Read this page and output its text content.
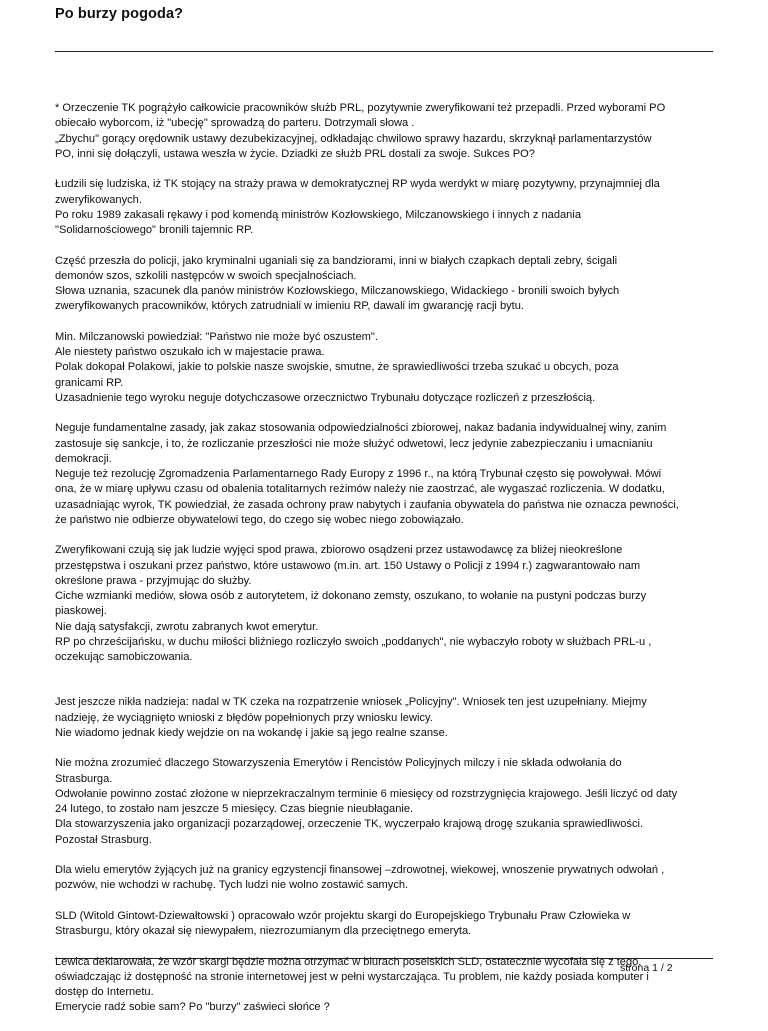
Po burzy pogoda?

* Orzeczenie TK pogrążyło całkowicie pracowników służb PRL, pozytywnie zweryfikowani też przepadli. Przed wyborami PO
obiecało wyborcom, iż "ubecję" sprowadzą do parteru. Dotrzymali słowa .
„Zbychu" gorący orędownik ustawy dezubekizacyjnej, odkładając chwilowo sprawy hazardu, skrzyknął parlamentarzystów
PO, inni się dołączyli, ustawa weszła w życie. Dziadki ze służb PRL dostali za swoje. Sukces PO?

Łudzili się ludziska, iż TK stojący na straży prawa w demokratycznej RP wyda werdykt w miarę pozytywny, przynajmniej dla
zweryfikowanych.
Po roku 1989 zakasali rękawy i pod komendą ministrów Kozłowskiego, Milczanowskiego i innych z nadania
"Solidarnościowego" bronili tajemnic RP.

Część przeszła do policji, jako kryminalni uganiali się za bandziorami, inni w białych czapkach deptali zebry, ścigali
demonów szos, szkolili następców w swoich specjalnościach.
Słowa uznania, szacunek dla panów ministrów Kozłowskiego, Milczanowskiego, Widackiego - bronili swoich byłych
zweryfikowanych pracowników, których zatrudniali w imieniu RP, dawali im gwarancję racji bytu.

Min. Milczanowski powiedział: "Państwo nie może być oszustem".
Ale niestety państwo oszukało ich w majestacie prawa.
Polak dokopał Polakowi, jakie to polskie nasze swojskie, smutne, że sprawiedliwości trzeba szukać u obcych, poza
granicami RP.
Uzasadnienie tego wyroku neguje dotychczasowe orzecznictwo Trybunału dotyczące rozliczeń z przeszłością.

Neguje fundamentalne zasady, jak zakaz stosowania odpowiedzialności zbiorowej, nakaz badania indywidualnej winy, zanim
zastosuje się sankcje, i to, że rozliczanie przeszłości nie może służyć odwetowi, lecz jedynie zabezpieczaniu i umacnianiu
demokracji.
Neguje też rezolucję Zgromadzenia Parlamentarnego Rady Europy z 1996 r., na którą Trybunał często się powoływał. Mówi
ona, że w miarę upływu czasu od obalenia totalitarnych reżimów należy nie zaostrzać, ale wygaszać rozliczenia. W dodatku,
uzasadniając wyrok, TK powiedział, że zasada ochrony praw nabytych i zaufania obywatela do państwa nie oznacza pewności,
że państwo nie odbierze obywatelowi tego, do czego się wobec niego zobowiązało.

Zweryfikowani czują się jak ludzie wyjęci spod prawa, zbiorowo osądzeni przez ustawodawcę za bliżej nieokreślone
przestępstwa i oszukani przez państwo, które ustawowo (m.in. art. 150 Ustawy o Policji z 1994 r.) zagwarantowało nam
określone prawa - przyjmując do służby.
Ciche wzmianki mediów, słowa osób z autorytetem, iż dokonano zemsty, oszukano, to wołanie na pustyni podczas burzy
piaskowej.
Nie dają satysfakcji, zwrotu zabranych kwot emerytur.
RP po chrześcijańsku, w duchu miłości bliźniego rozliczyło swoich „poddanych", nie wybaczyło roboty w służbach PRL-u ,
oczekując samobiczowania.

Jest jeszcze nikła nadzieja: nadal w TK czeka na rozpatrzenie wniosek „Policyjny". Wniosek ten jest uzupełniany. Miejmy
nadzieję, że wyciągnięto wnioski z błędów popełnionych przy wniosku lewicy.
Nie wiadomo jednak kiedy wejdzie on na wokandę i jakie są jego realne szanse.

Nie można zrozumieć dlaczego Stowarzyszenia Emerytów i Rencistów Policyjnych milczy i nie składa odwołania do
Strasburga.
Odwołanie powinno zostać złożone w nieprzekraczalnym terminie 6 miesięcy od rozstrzygnięcia krajowego. Jeśli liczyć od daty
24 lutego, to zostało nam jeszcze 5 miesięcy. Czas biegnie nieubłaganie.
Dla stowarzyszenia jako organizacji pozarządowej, orzeczenie TK, wyczerpało krajową drogę szukania sprawiedliwości.
Pozostał Strasburg.

Dla wielu emerytów żyjących już na granicy egzystencji finansowej –zdrowotnej, wiekowej, wnoszenie prywatnych odwołań ,
pozwów, nie wchodzi w rachubę. Tych ludzi nie wolno zostawić samych.

SLD (Witold Gintowt-Dziewałtowski ) opracowało wzór projektu skargi do Europejskiego Trybunału Praw Człowieka w
Strasburgu, który okazał się niewypałem, niezrozumianym dla przeciętnego emeryta.

Lewica deklarowała, że wzór skargi będzie można otrzymać w biurach poselskich SLD, ostatecznie wycofała się z tego,
oświadczając iż dostępność na stronie internetowej jest w pełni wystarczająca. Tu problem, nie każdy posiada komputer i
dostęp do Internetu.
Emerycie radź sobie sam? Po "burzy" zaświeci słońce ?

strona 1 / 2
